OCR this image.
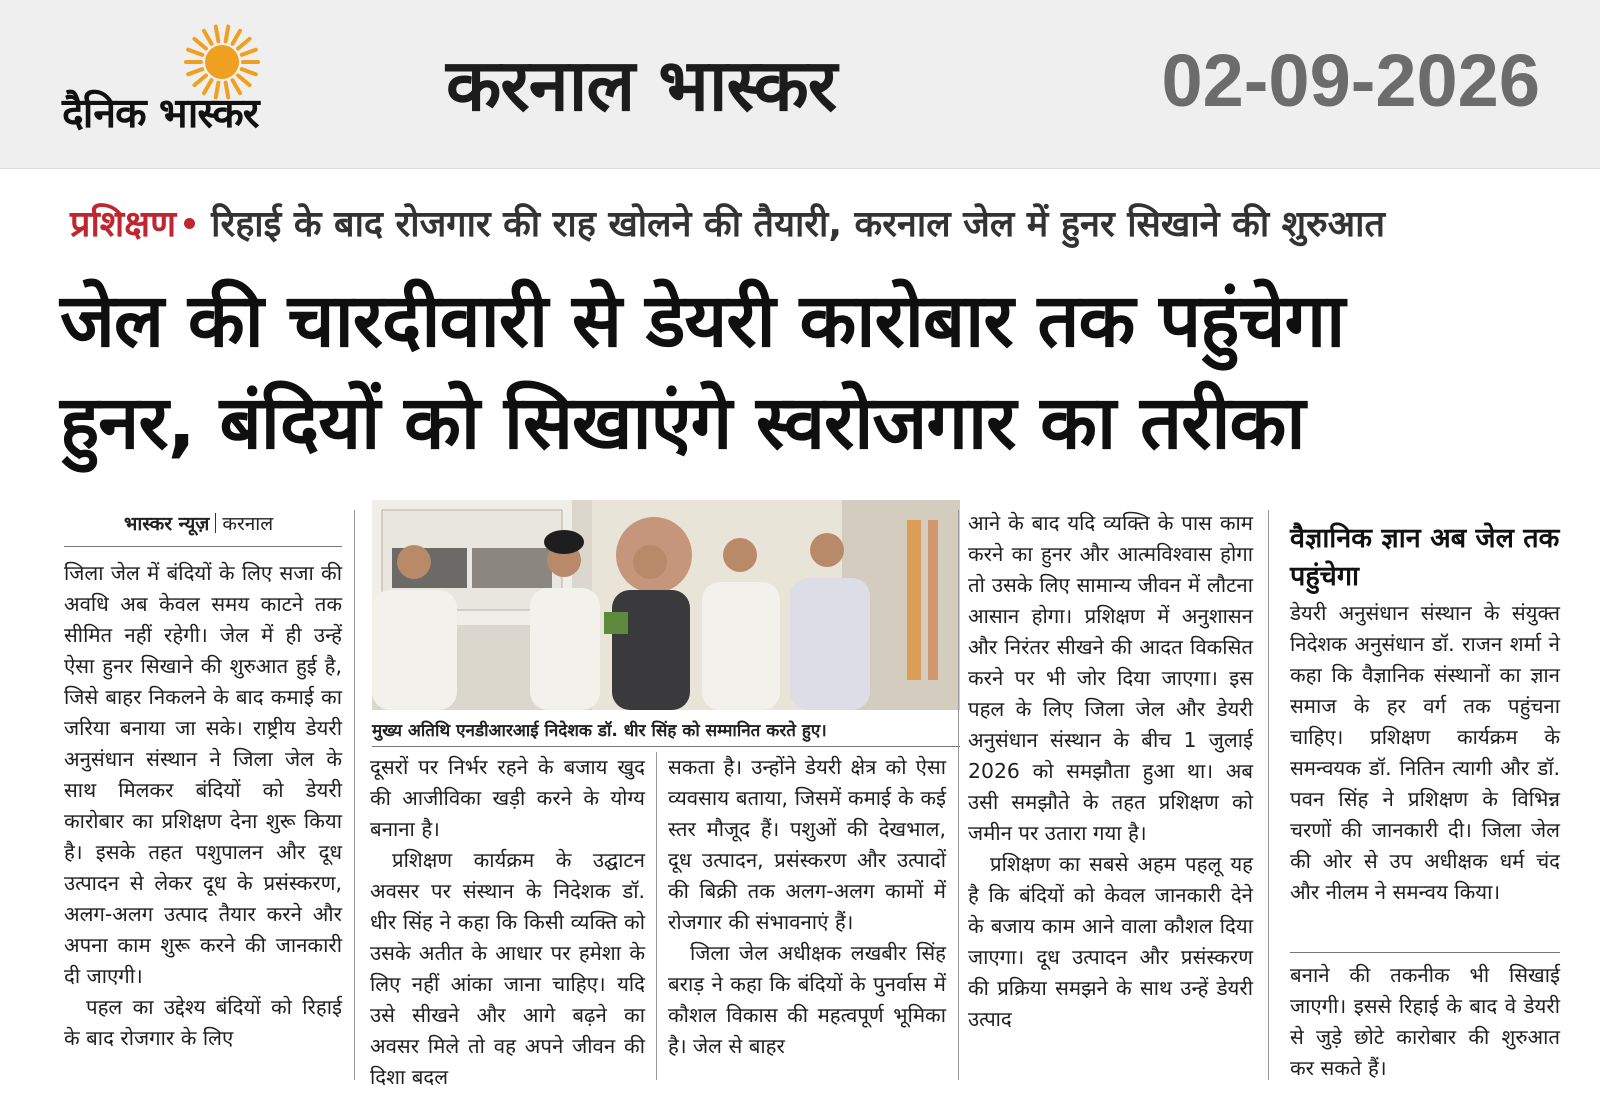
दैनिक भास्कर	करनाल भास्कर	02-09-2026
प्रशिक्षण रिहाई के बाद रोजगार की राह खोलने की तैयारी, करनाल जेल में हुनर सिखाने की शुरुआत
जेल की चारदीवारी से डेयरी कारोबार तक पहुंचेगा
हुनर, बंदियों को सिखाएंगे स्वरोजगार का तरीका
भास्कर न्यूज़ करनाल

जिला जेल में बंदियों के लिए सजा की अवधि अब केवल समय काटने तक सीमित नहीं रहेगी। जेल में ही उन्हें ऐसा हुनर सिखाने की शुरुआत हुई है, जिसे बाहर निकलने के बाद कमाई का जरिया बनाया जा सके। राष्ट्रीय डेयरी अनुसंधान संस्थान ने जिला जेल के साथ मिलकर बंदियों को डेयरी कारोबार का प्रशिक्षण देना शुरू किया है। इसके तहत पशुपालन और दूध उत्पादन से लेकर दूध के प्रसंस्करण, अलग-अलग उत्पाद तैयार करने और अपना काम शुरू करने की जानकारी दी जाएगी।

पहल का उद्देश्य बंदियों को रिहाई के बाद रोजगार के लिए

मुख्य अतिथि एनडीआरआई निदेशक डॉ. धीर सिंह को सम्मानित करते हुए।

दूसरों पर निर्भर रहने के बजाय खुद की आजीविका खड़ी करने के योग्य बनाना है।

प्रशिक्षण कार्यक्रम के उद्घाटन अवसर पर संस्थान के निदेशक डॉ. धीर सिंह ने कहा कि किसी व्यक्ति को उसके अतीत के आधार पर हमेशा के लिए नहीं आंका जाना चाहिए। यदि उसे सीखने और आगे बढ़ने का अवसर मिले तो वह अपने जीवन की दिशा बदल

सकता है। उन्होंने डेयरी क्षेत्र को ऐसा व्यवसाय बताया, जिसमें कमाई के कई स्तर मौजूद हैं। पशुओं की देखभाल, दूध उत्पादन, प्रसंस्करण और उत्पादों की बिक्री तक अलग-अलग कामों में रोजगार की संभावनाएं हैं।

जिला जेल अधीक्षक लखबीर सिंह बराड़ ने कहा कि बंदियों के पुनर्वास में कौशल विकास की महत्वपूर्ण भूमिका है। जेल से बाहर

आने के बाद यदि व्यक्ति के पास काम करने का हुनर और आत्मविश्वास होगा तो उसके लिए सामान्य जीवन में लौटना आसान होगा। प्रशिक्षण में अनुशासन और निरंतर सीखने की आदत विकसित करने पर भी जोर दिया जाएगा। इस पहल के लिए जिला जेल और डेयरी अनुसंधान संस्थान के बीच 1 जुलाई 2026 को समझौता हुआ था। अब उसी समझौते के तहत प्रशिक्षण को जमीन पर उतारा गया है।

प्रशिक्षण का सबसे अहम पहलू यह है कि बंदियों को केवल जानकारी देने के बजाय काम आने वाला कौशल दिया जाएगा। दूध उत्पादन और प्रसंस्करण की प्रक्रिया समझने के साथ उन्हें डेयरी उत्पाद

वैज्ञानिक ज्ञान अब जेल तक पहुंचेगा

डेयरी अनुसंधान संस्थान के संयुक्त निदेशक अनुसंधान डॉ. राजन शर्मा ने कहा कि वैज्ञानिक संस्थानों का ज्ञान समाज के हर वर्ग तक पहुंचना चाहिए। प्रशिक्षण कार्यक्रम के समन्वयक डॉ. नितिन त्यागी और डॉ. पवन सिंह ने प्रशिक्षण के विभिन्न चरणों की जानकारी दी। जिला जेल की ओर से उप अधीक्षक धर्म चंद और नीलम ने समन्वय किया।

बनाने की तकनीक भी सिखाई जाएगी। इससे रिहाई के बाद वे डेयरी से जुड़े छोटे कारोबार की शुरुआत कर सकते हैं।
